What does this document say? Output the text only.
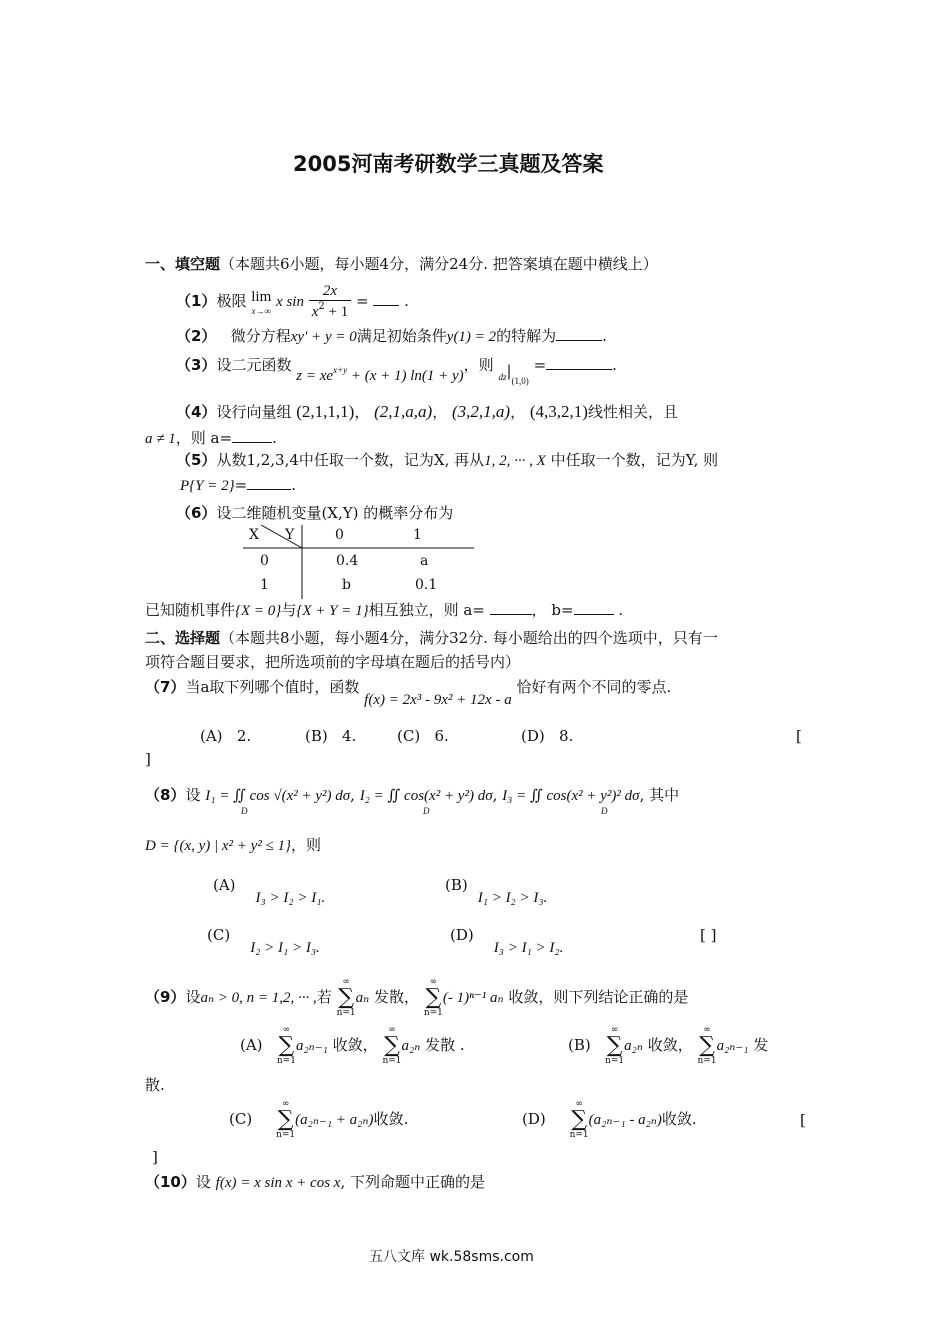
2005河南考研数学三真题及答案
一、填空题（本题共6小题，每小题4分，满分24分. 把答案填在题中横线上）
（1）极限 lim
x→∞
x $\sin \frac{2x}{x^2 + 1}$ = .
（2） 微分方程xy′ + y = 0满足初始条件y(1) = 2的特解为	.
（3）设二元函数 $z = xe^{x+y} + (x + 1) \ln(1 + y)$，则 $_{dz}|_{(1,0)}$ =	.
（4）设行向量组 (2,1,1,1)， (2,1,a,a)， (3,2,1,a)， (4,3,2,1)线性相关，且
a ≠ 1，则 a=	.
（5）从数1,2,3,4中任取一个数，记为X, 再从1, 2, ··· , X 中任取一个数，记为Y, 则
P{Y = 2}=	.
（6）设二维随机变量(X,Y) 的概率分布为
X Y	0	1
0	0.4	a
1	b	0.1
已知随机事件{X = 0}与{X + Y = 1}相互独立，则 a=	， b=	.
二、选择题（本题共8小题，每小题4分，满分32分. 每小题给出的四个选项中，只有一
项符合题目要求，把所选项前的字母填在题后的括号内）
（7）当a取下列哪个值时，函数 f(x) = 2x³ - 9x² + 12x - a 恰好有两个不同的零点.
(A) 2.	(B) 4.	(C) 6.	(D) 8.	[
]
（8）设 I₁ = ∬ cos √(x² + y²) dσ, I₂ = ∬ cos(x² + y²) dσ, I₃ = ∬ cos(x² + y²)² dσ, 其中
D	D	D
D = {(x, y) | x² + y² ≤ 1}，则
(A)I₃ > I₂ > I₁.
(B)I₁ > I₂ > I₃.
(C)I₂ > I₁ > I₃.
(D)I₃ > I₁ > I₂.
[ ]
（9）设aₙ > 0, n = 1,2, ··· ,若
∞
∑
n=1
aₙ 发散，
∞
∑
n=1
(- 1)ⁿ⁻¹ aₙ 收敛，则下列结论正确的是
(A)
∞
∑
n=1
a₂ₙ₋₁ 收敛，
∞
∑
n=1
a₂ₙ 发散 .	(B)
∞
∑
n=1
a₂ₙ 收敛，
∞
∑
n=1
a₂ₙ₋₁ 发
散.
(C)
∞
∑
n=1
(a₂ₙ₋₁ + a₂ₙ)收敛.	(D)
∞
∑
n=1
(a₂ₙ₋₁ - a₂ₙ)收敛.	[
]
（10）设 f(x) = x sin x + cos x, 下列命题中正确的是
五八文库 wk.58sms.com
